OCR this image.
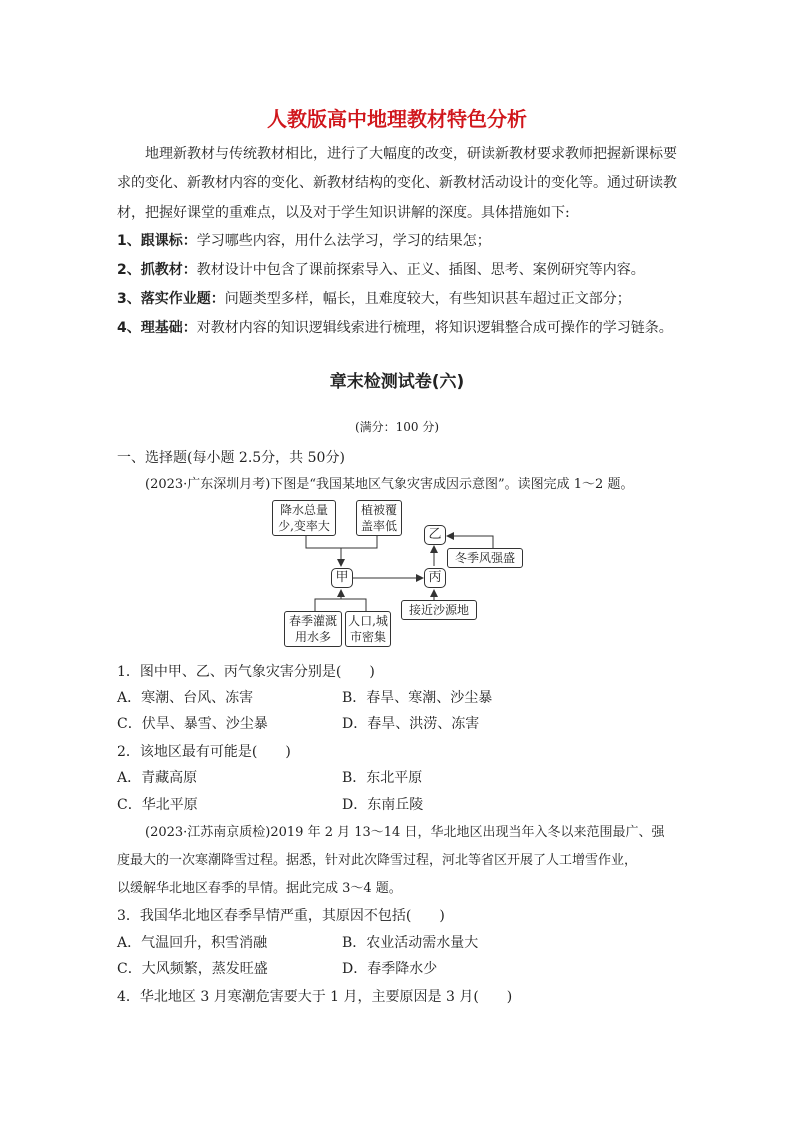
人教版高中地理教材特色分析
地理新教材与传统教材相比，进行了大幅度的改变，研读新教材要求教师把握新课标要
求的变化、新教材内容的变化、新教材结构的变化、新教材活动设计的变化等。通过研读教
材，把握好课堂的重难点，以及对于学生知识讲解的深度。具体措施如下:
1、跟课标：学习哪些内容，用什么法学习，学习的结果怎；
2、抓教材：教材设计中包含了课前探索导入、正义、插图、思考、案例研究等内容。
3、落实作业题：问题类型多样，幅长，且难度较大，有些知识甚车超过正文部分；
4、理基础：对教材内容的知识逻辑线索进行梳理，将知识逻辑整合成可操作的学习链条。
章末检测试卷(六)
(满分：100 分)
一、选择题(每小题 2.5分，共 50分)
(2023·广东深圳月考)下图是“我国某地区气象灾害成因示意图”。读图完成 1～2 题。
降水总量
少,变率大
植被覆
盖率低
春季灌溉
用水多
人口,城
市密集
冬季风强盛
接近沙源地
甲
乙
丙
1．图中甲、乙、丙气象灾害分别是(　　)
A．寒潮、台风、冻害	B．春旱、寒潮、沙尘暴
C．伏旱、暴雪、沙尘暴	D．春旱、洪涝、冻害
2．该地区最有可能是(　　)
A．青藏高原	B．东北平原
C．华北平原	D．东南丘陵
(2023·江苏南京质检)2019 年 2 月 13～14 日，华北地区出现当年入冬以来范围最广、强
度最大的一次寒潮降雪过程。据悉，针对此次降雪过程，河北等省区开展了人工增雪作业，
以缓解华北地区春季的旱情。据此完成 3～4 题。
3．我国华北地区春季旱情严重，其原因不包括(　　)
A．气温回升，积雪消融	B．农业活动需水量大
C．大风频繁，蒸发旺盛	D．春季降水少
4．华北地区 3 月寒潮危害要大于 1 月，主要原因是 3 月(　　)
